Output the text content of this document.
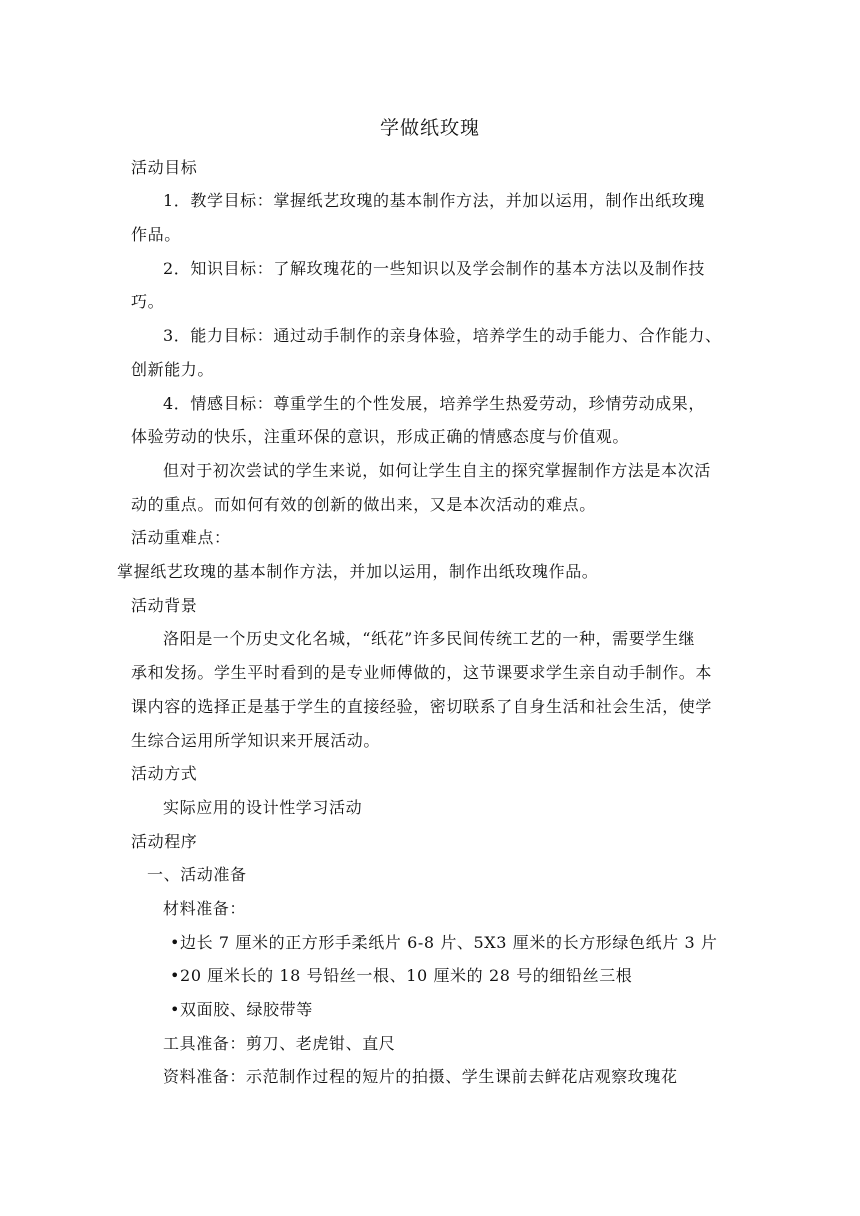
学做纸玫瑰
活动目标
1．教学目标：掌握纸艺玫瑰的基本制作方法，并加以运用，制作出纸玫瑰
作品。
2．知识目标：了解玫瑰花的一些知识以及学会制作的基本方法以及制作技
巧。
3．能力目标：通过动手制作的亲身体验，培养学生的动手能力、合作能力、
创新能力。
4．情感目标：尊重学生的个性发展，培养学生热爱劳动，珍情劳动成果，
体验劳动的快乐，注重环保的意识，形成正确的情感态度与价值观。
但对于初次尝试的学生来说，如何让学生自主的探究掌握制作方法是本次活
动的重点。而如何有效的创新的做出来，又是本次活动的难点。
活动重难点：
掌握纸艺玫瑰的基本制作方法，并加以运用，制作出纸玫瑰作品。
活动背景
洛阳是一个历史文化名城，“纸花”许多民间传统工艺的一种，需要学生继
承和发扬。学生平时看到的是专业师傅做的，这节课要求学生亲自动手制作。本
课内容的选择正是基于学生的直接经验，密切联系了自身生活和社会生活，使学
生综合运用所学知识来开展活动。
活动方式
实际应用的设计性学习活动
活动程序
一、活动准备
材料准备：
•边长 7 厘米的正方形手柔纸片 6-8 片、5X3 厘米的长方形绿色纸片 3 片
•20 厘米长的 18 号铅丝一根、10 厘米的 28 号的细铅丝三根
•双面胶、绿胶带等
工具准备：剪刀、老虎钳、直尺
资料准备：示范制作过程的短片的拍摄、学生课前去鲜花店观察玫瑰花
